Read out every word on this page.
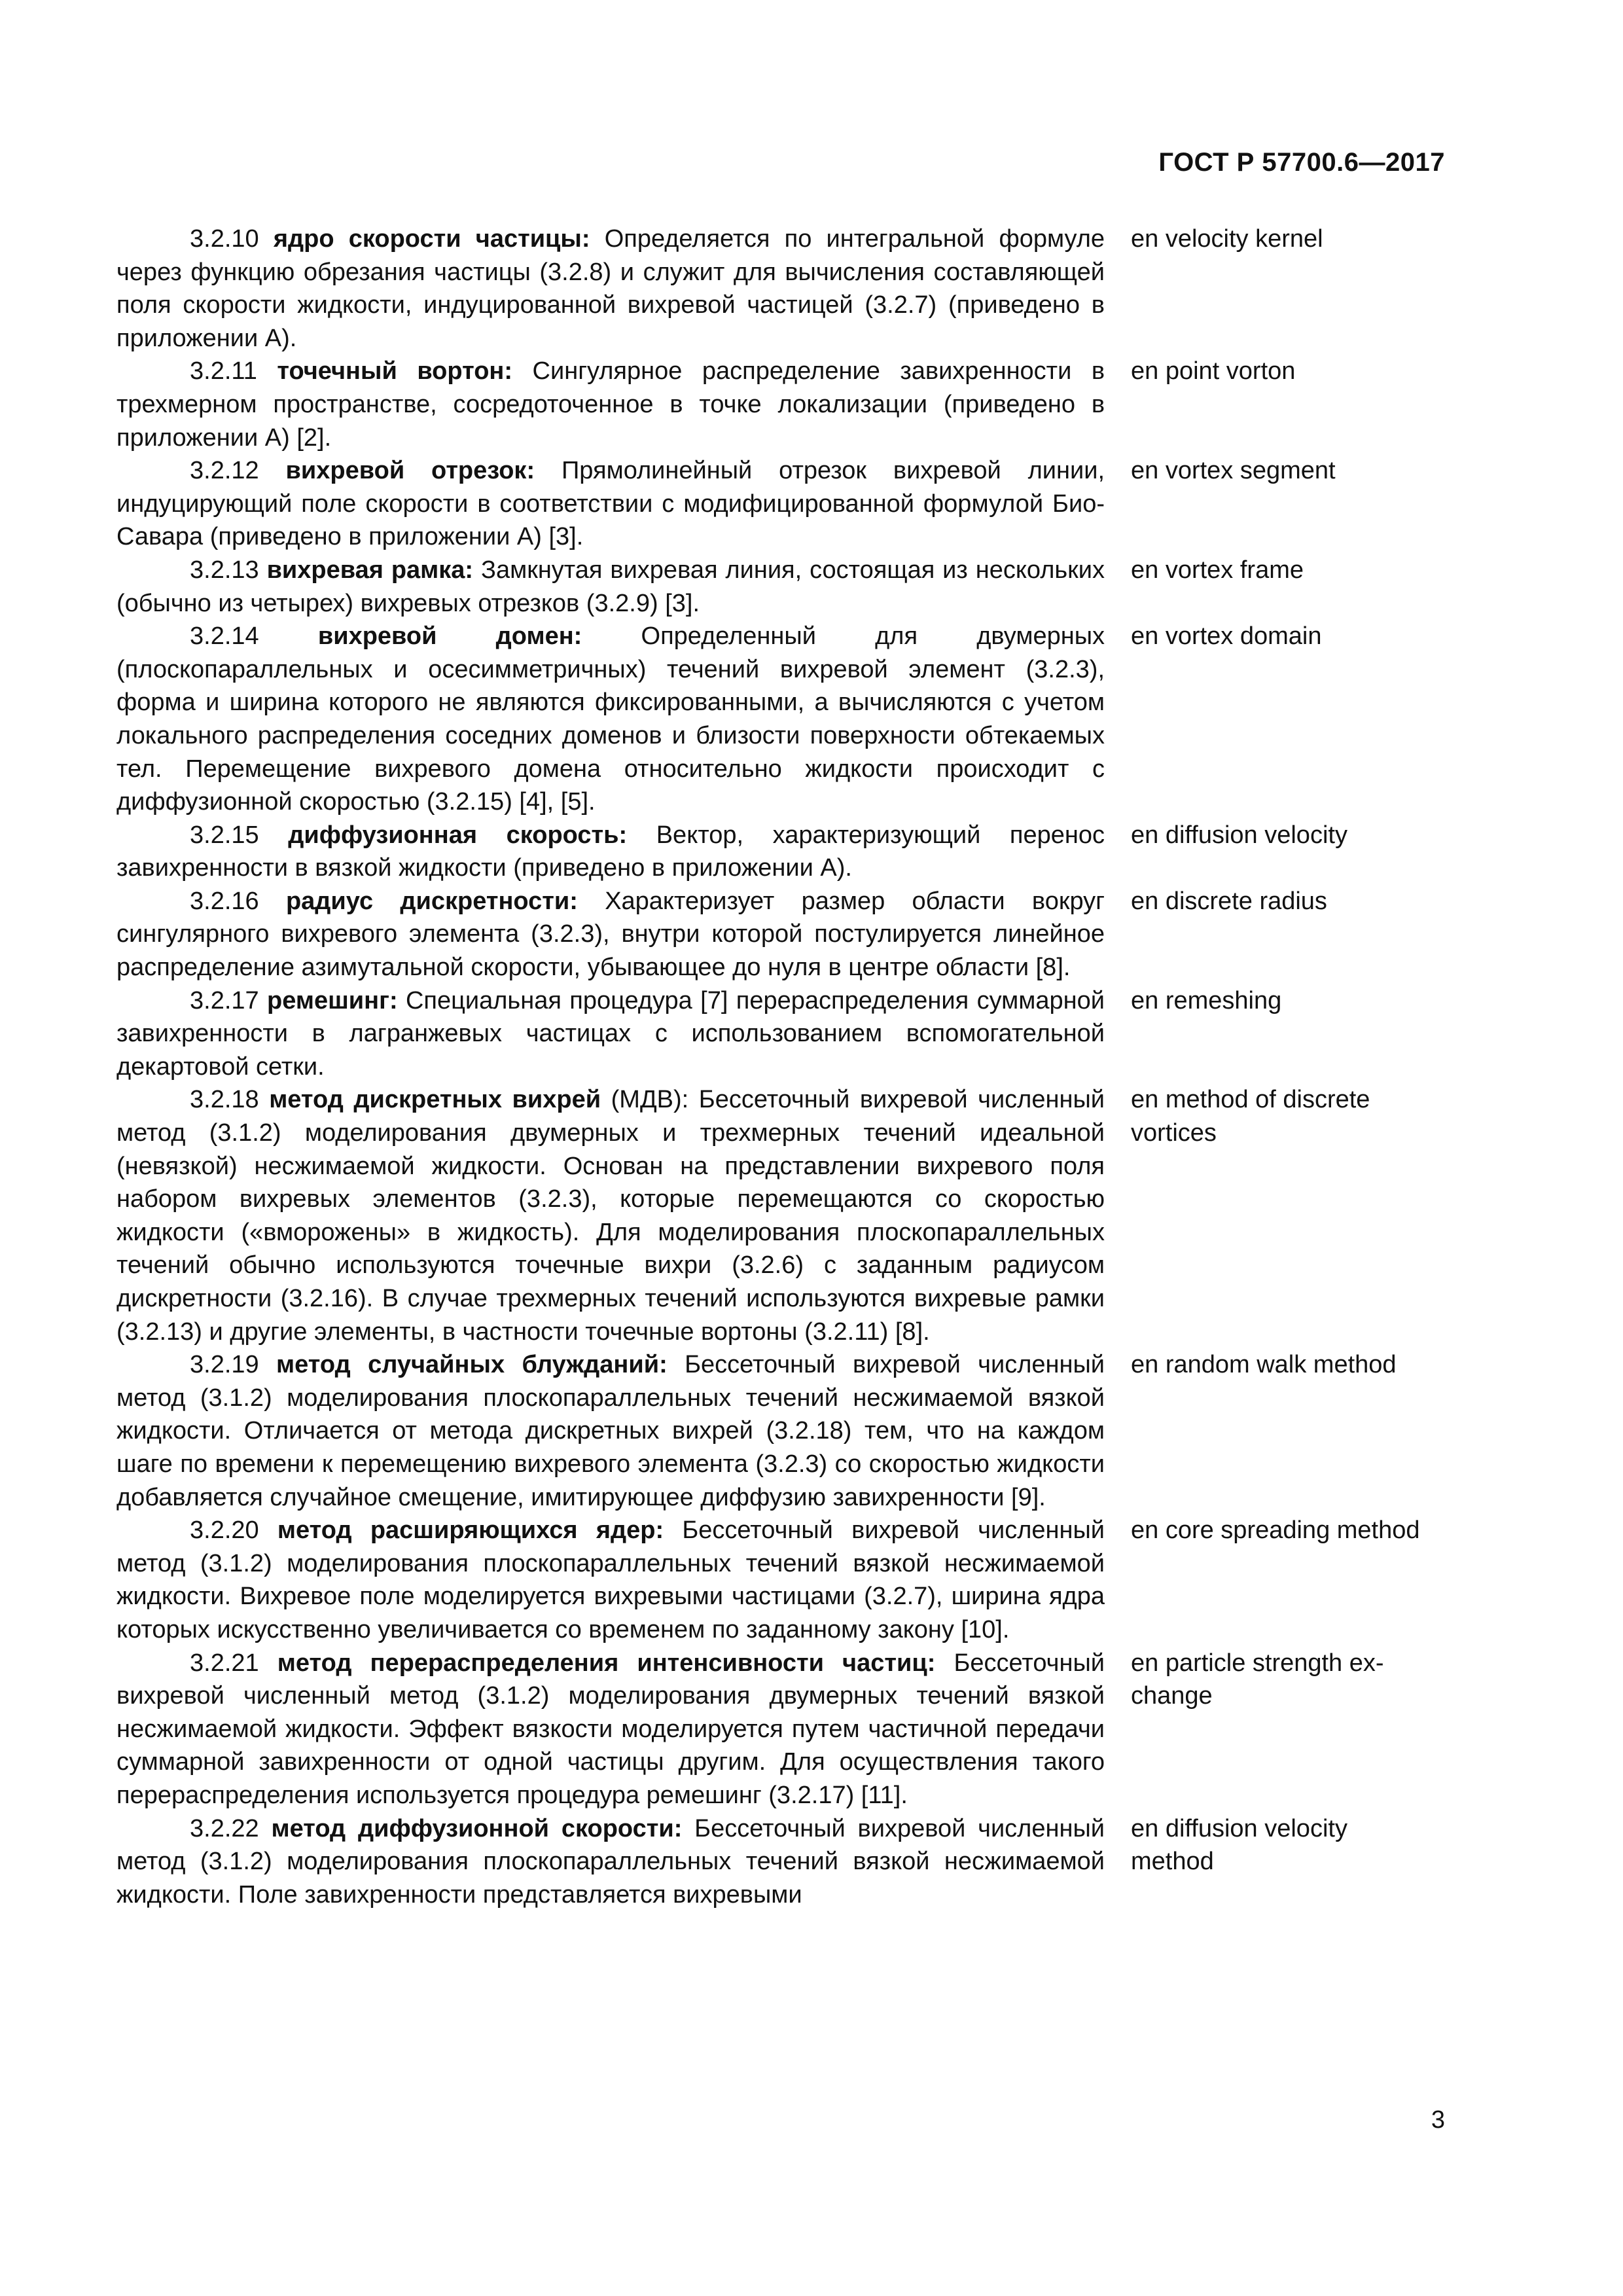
ГОСТ Р 57700.6—2017

3.2.10 ядро скорости частицы: Определяется по интегральной формуле через функцию обрезания частицы (3.2.8) и служит для вычисления составляющей поля скорости жидкости, индуцированной вихревой частицей (3.2.7) (приведено в приложении А).

en velocity kernel

3.2.11 точечный вортон: Сингулярное распределение завихренности в трехмерном пространстве, сосредоточенное в точке локализации (приведено в приложении А) [2].

en point vorton

3.2.12 вихревой отрезок: Прямолинейный отрезок вихревой линии, индуцирующий поле скорости в соответствии с модифицированной формулой Био-Савара (приведено в приложении А) [3].

en vortex segment

3.2.13 вихревая рамка: Замкнутая вихревая линия, состоящая из нескольких (обычно из четырех) вихревых отрезков (3.2.9) [3].

en vortex frame

3.2.14 вихревой домен: Определенный для двумерных (плоскопараллельных и осесимметричных) течений вихревой элемент (3.2.3), форма и ширина которого не являются фиксированными, а вычисляются с учетом локального распределения соседних доменов и близости поверхности обтекаемых тел. Перемещение вихревого домена относительно жидкости происходит с диффузионной скоростью (3.2.15) [4], [5].

en vortex domain

3.2.15 диффузионная скорость: Вектор, характеризующий перенос завихренности в вязкой жидкости (приведено в приложении А).

en diffusion velocity

3.2.16 радиус дискретности: Характеризует размер области вокруг сингулярного вихревого элемента (3.2.3), внутри которой постулируется линейное распределение азимутальной скорости, убывающее до нуля в центре области [8].

en discrete radius

3.2.17 ремешинг: Специальная процедура [7] перераспределения суммарной завихренности в лагранжевых частицах с использованием вспомогательной декартовой сетки.

en remeshing

3.2.18 метод дискретных вихрей (МДВ): Бессеточный вихревой численный метод (3.1.2) моделирования двумерных и трехмерных течений идеальной (невязкой) несжимаемой жидкости. Основан на представлении вихревого поля набором вихревых элементов (3.2.3), которые перемещаются со скоростью жидкости («вморожены» в жидкость). Для моделирования плоскопараллельных течений обычно используются точечные вихри (3.2.6) с заданным радиусом дискретности (3.2.16). В случае трехмерных течений используются вихревые рамки (3.2.13) и другие элементы, в частности точечные вортоны (3.2.11) [8].

en method of discrete
vortices

3.2.19 метод случайных блужданий: Бессеточный вихревой численный метод (3.1.2) моделирования плоскопараллельных течений несжимаемой вязкой жидкости. Отличается от метода дискретных вихрей (3.2.18) тем, что на каждом шаге по времени к перемещению вихревого элемента (3.2.3) со скоростью жидкости добавляется случайное смещение, имитирующее диффузию завихренности [9].

en random walk method

3.2.20 метод расширяющихся ядер: Бессеточный вихревой численный метод (3.1.2) моделирования плоскопараллельных течений вязкой несжимаемой жидкости. Вихревое поле моделируется вихревыми частицами (3.2.7), ширина ядра которых искусственно увеличивается со временем по заданному закону [10].

en core spreading method

3.2.21 метод перераспределения интенсивности частиц: Бессеточный вихревой численный метод (3.1.2) моделирования двумерных течений вязкой несжимаемой жидкости. Эффект вязкости моделируется путем частичной передачи суммарной завихренности от одной частицы другим. Для осуществления такого перераспределения используется процедура ремешинг (3.2.17) [11].

en particle strength ex-
change

3.2.22 метод диффузионной скорости: Бессеточный вихревой численный метод (3.1.2) моделирования плоскопараллельных течений вязкой несжимаемой жидкости. Поле завихренности представляется вихревыми

en diffusion velocity
method
3
